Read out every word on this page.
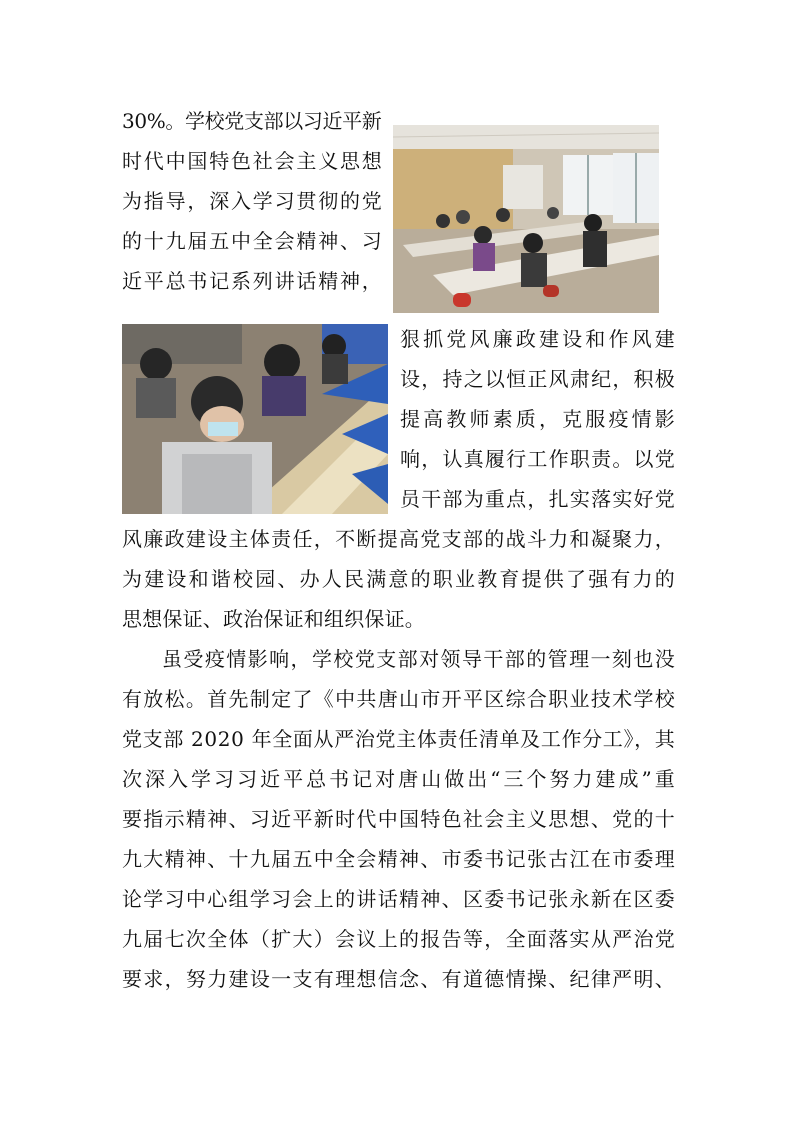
30%。学校党支部以习近平新
时代中国特色社会主义思想
为指导，深入学习贯彻的党
的十九届五中全会精神、习
近平总书记系列讲话精神，
狠抓党风廉政建设和作风建
设，持之以恒正风肃纪，积极
提高教师素质，克服疫情影
响，认真履行工作职责。以党
员干部为重点，扎实落实好党
风廉政建设主体责任，不断提高党支部的战斗力和凝聚力，
为建设和谐校园、办人民满意的职业教育提供了强有力的
思想保证、政治保证和组织保证。
虽受疫情影响，学校党支部对领导干部的管理一刻也没
有放松。首先制定了《中共唐山市开平区综合职业技术学校
党支部 2020 年全面从严治党主体责任清单及工作分工》，其
次深入学习习近平总书记对唐山做出“三个努力建成”重
要指示精神、习近平新时代中国特色社会主义思想、党的十
九大精神、十九届五中全会精神、市委书记张古江在市委理
论学习中心组学习会上的讲话精神、区委书记张永新在区委
九届七次全体（扩大）会议上的报告等，全面落实从严治党
要求，努力建设一支有理想信念、有道德情操、纪律严明、
